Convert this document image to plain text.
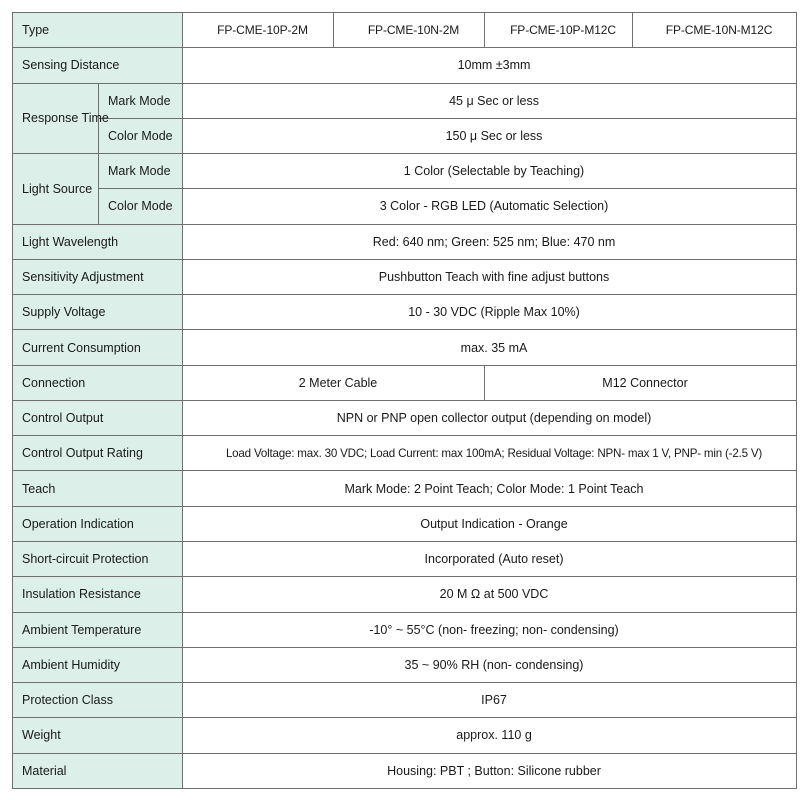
Type		FP-CME-10P-2M	FP-CME-10N-2M	FP-CME-10P-M12C	FP-CME-10N-M12C
Sensing Distance		10mm ±3mm			
Response Time	Mark Mode	45 μ Sec or less			
	Color Mode	150 μ Sec or less			
Light Source	Mark Mode	1 Color (Selectable by Teaching)			
	Color Mode	3 Color - RGB LED (Automatic Selection)			
Light Wavelength		Red: 640 nm; Green: 525 nm; Blue: 470 nm			
Sensitivity Adjustment		Pushbutton Teach with fine adjust buttons			
Supply Voltage		10 - 30 VDC (Ripple Max 10%)			
Current Consumption		max. 35 mA			
Connection		2 Meter Cable		M12 Connector	
Control Output		NPN or PNP open collector output (depending on model)			
Control Output Rating		Load Voltage: max. 30 VDC; Load Current: max 100mA; Residual Voltage: NPN- max 1 V, PNP- min (-2.5 V)			
Teach		Mark Mode: 2 Point Teach; Color Mode: 1 Point Teach			
Operation Indication		Output Indication - Orange			
Short-circuit Protection		Incorporated (Auto reset)			
Insulation Resistance		20 M Ω at 500 VDC			
Ambient Temperature		-10° ~ 55°C (non- freezing; non- condensing)			
Ambient Humidity		35 ~ 90% RH (non- condensing)			
Protection Class		IP67			
Weight		approx. 110 g			
Material		Housing: PBT ; Button: Silicone rubber			
